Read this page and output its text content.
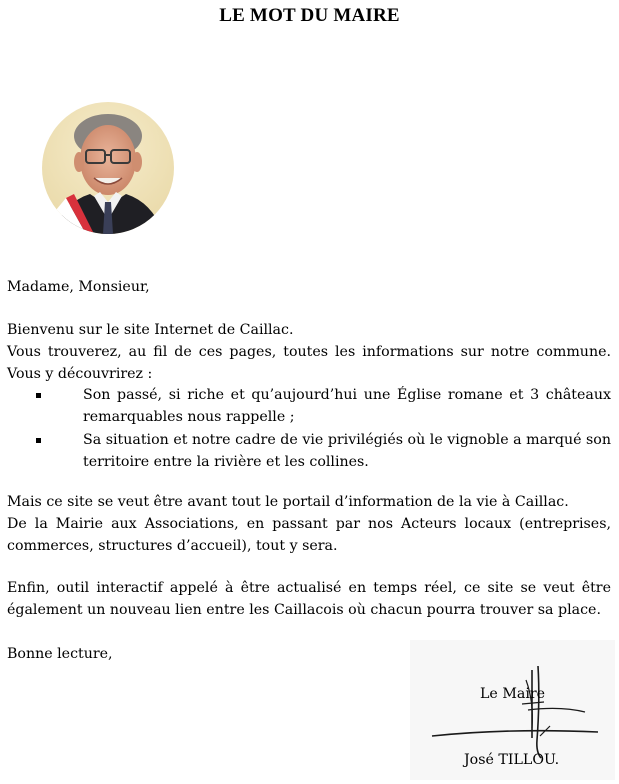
LE MOT DU MAIRE
Madame, Monsieur,
Bienvenu sur le site Internet de Caillac.
Vous trouverez, au fil de ces pages, toutes les informations sur notre commune. Vous y découvrirez :
Son passé, si riche et qu’aujourd’hui une Église romane et 3 châteaux remarquables nous rappelle ;
Sa situation et notre cadre de vie privilégiés où le vignoble a marqué son territoire entre la rivière et les collines.
Mais ce site se veut être avant tout le portail d’information de la vie à Caillac.
De la Mairie aux Associations, en passant par nos Acteurs locaux (entreprises, commerces, structures d’accueil), tout y sera.
Enfin, outil interactif appelé à être actualisé en temps réel, ce site se veut être également un nouveau lien entre les Caillacois où chacun pourra trouver sa place.
Bonne lecture,
Le Maire
José TILLOU.
